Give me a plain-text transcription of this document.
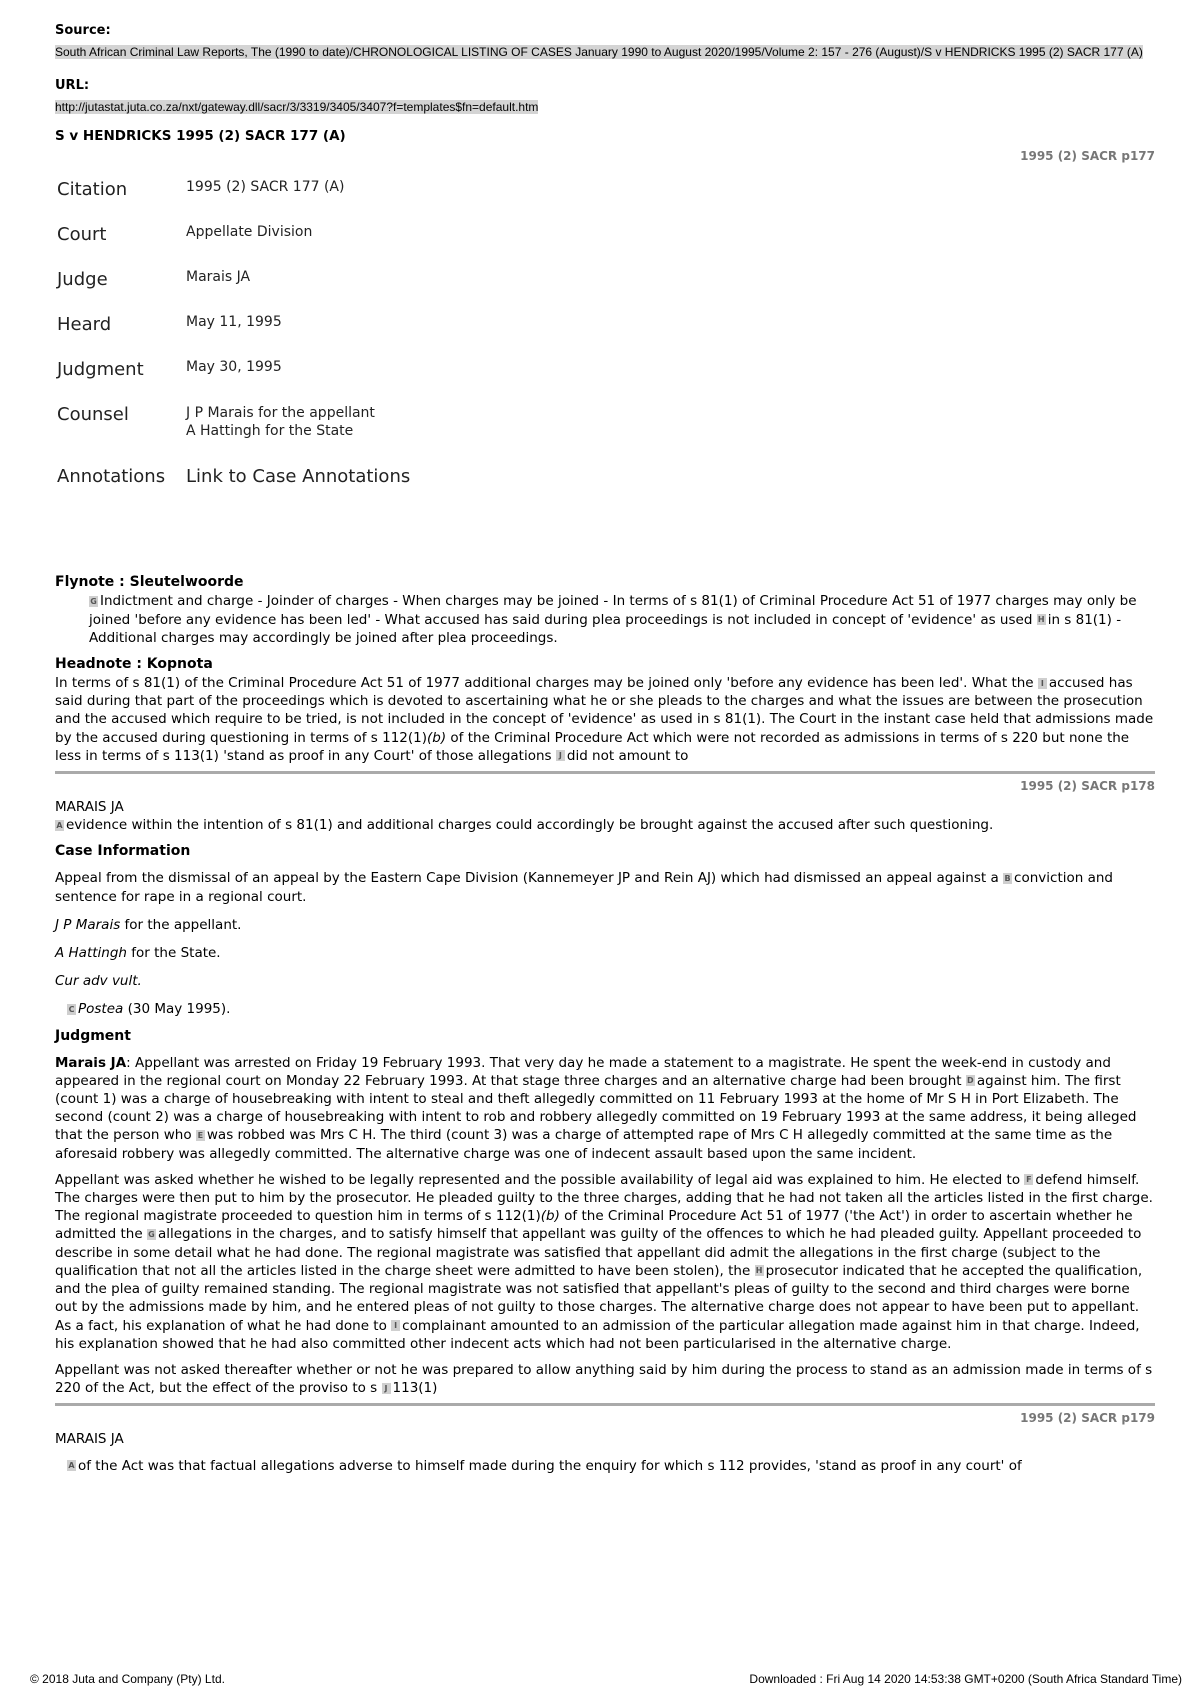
Source:

South African Criminal Law Reports, The (1990 to date)/CHRONOLOGICAL LISTING OF CASES January 1990 to August 2020/1995/Volume 2: 157 - 276 (August)/S v HENDRICKS 1995 (2) SACR 177 (A)

URL:

http://jutastat.juta.co.za/nxt/gateway.dll/sacr/3/3319/3405/3407?f=templates$fn=default.htm
S v HENDRICKS 1995 (2) SACR 177 (A)
1995 (2) SACR p177
Citation	1995 (2) SACR 177 (A)
Court	Appellate Division
Judge	Marais JA
Heard	May 11, 1995
Judgment	May 30, 1995
Counsel	J P Marais for the appellant
A Hattingh for the State

Annotations	Link to Case Annotations
Flynote : Sleutelwoorde

G Indictment and charge - Joinder of charges - When charges may be joined - In terms of s 81(1) of Criminal Procedure Act 51 of 1977 charges may only be joined 'before any evidence has been led' - What accused has said during plea proceedings is not included in concept of 'evidence' as used H in s 81(1) - Additional charges may accordingly be joined after plea proceedings.

Headnote : Kopnota

In terms of s 81(1) of the Criminal Procedure Act 51 of 1977 additional charges may be joined only 'before any evidence has been led'. What the I accused has said during that part of the proceedings which is devoted to ascertaining what he or she pleads to the charges and what the issues are between the prosecution and the accused which require to be tried, is not included in the concept of 'evidence' as used in s 81(1). The Court in the instant case held that admissions made by the accused during questioning in terms of s 112(1)(b) of the Criminal Procedure Act which were not recorded as admissions in terms of s 220 but none the less in terms of s 113(1) 'stand as proof in any Court' of those allegations J did not amount to

1995 (2) SACR p178

MARAIS JA

A evidence within the intention of s 81(1) and additional charges could accordingly be brought against the accused after such questioning.

Case Information

Appeal from the dismissal of an appeal by the Eastern Cape Division (Kannemeyer JP and Rein AJ) which had dismissed an appeal against a B conviction and sentence for rape in a regional court.

J P Marais for the appellant.

A Hattingh for the State.

Cur adv vult.

C Postea (30 May 1995).

Judgment

Marais JA: Appellant was arrested on Friday 19 February 1993. That very day he made a statement to a magistrate. He spent the week-end in custody and appeared in the regional court on Monday 22 February 1993. At that stage three charges and an alternative charge had been brought D against him. The first (count 1) was a charge of housebreaking with intent to steal and theft allegedly committed on 11 February 1993 at the home of Mr S H in Port Elizabeth. The second (count 2) was a charge of housebreaking with intent to rob and robbery allegedly committed on 19 February 1993 at the same address, it being alleged that the person who E was robbed was Mrs C H. The third (count 3) was a charge of attempted rape of Mrs C H allegedly committed at the same time as the aforesaid robbery was allegedly committed. The alternative charge was one of indecent assault based upon the same incident.

Appellant was asked whether he wished to be legally represented and the possible availability of legal aid was explained to him. He elected to F defend himself. The charges were then put to him by the prosecutor. He pleaded guilty to the three charges, adding that he had not taken all the articles listed in the first charge. The regional magistrate proceeded to question him in terms of s 112(1)(b) of the Criminal Procedure Act 51 of 1977 ('the Act') in order to ascertain whether he admitted the G allegations in the charges, and to satisfy himself that appellant was guilty of the offences to which he had pleaded guilty. Appellant proceeded to describe in some detail what he had done. The regional magistrate was satisfied that appellant did admit the allegations in the first charge (subject to the qualification that not all the articles listed in the charge sheet were admitted to have been stolen), the H prosecutor indicated that he accepted the qualification, and the plea of guilty remained standing. The regional magistrate was not satisfied that appellant's pleas of guilty to the second and third charges were borne out by the admissions made by him, and he entered pleas of not guilty to those charges. The alternative charge does not appear to have been put to appellant. As a fact, his explanation of what he had done to I complainant amounted to an admission of the particular allegation made against him in that charge. Indeed, his explanation showed that he had also committed other indecent acts which had not been particularised in the alternative charge.

Appellant was not asked thereafter whether or not he was prepared to allow anything said by him during the process to stand as an admission made in terms of s 220 of the Act, but the effect of the proviso to s J 113(1)

1995 (2) SACR p179

MARAIS JA

A of the Act was that factual allegations adverse to himself made during the enquiry for which s 112 provides, 'stand as proof in any court' of

© 2018 Juta and Company (Pty) Ltd.	Downloaded : Fri Aug 14 2020 14:53:38 GMT+0200 (South Africa Standard Time)
